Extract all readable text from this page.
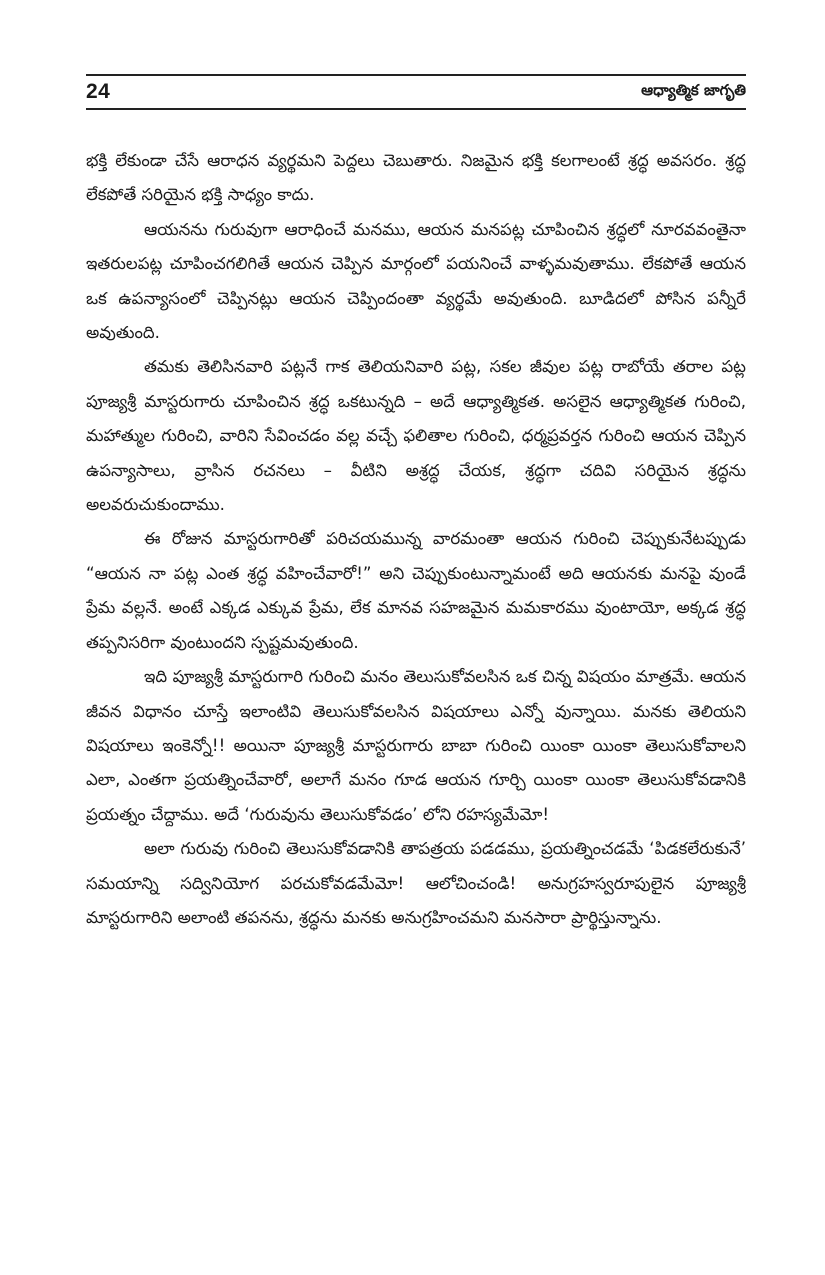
24	ఆధ్యాత్మిక జాగృతి

భక్తి లేకుండా చేసే ఆరాధన వ్యర్థమని పెద్దలు చెబుతారు. నిజమైన భక్తి కలగాలంటే శ్రద్ధ అవసరం. శ్రద్ధ లేకపోతే సరియైన భక్తి సాధ్యం కాదు.

ఆయనను గురువుగా ఆరాధించే మనము, ఆయన మనపట్ల చూపించిన శ్రద్ధలో నూరవవంతైనా ఇతరులపట్ల చూపించగలిగితే ఆయన చెప్పిన మార్గంలో పయనించే వాళ్ళమవుతాము. లేకపోతే ఆయన ఒక ఉపన్యాసంలో చెప్పినట్లు ఆయన చెప్పిందంతా వ్యర్థమే అవుతుంది. బూడిదలో పోసిన పన్నీరే అవుతుంది.

తమకు తెలిసినవారి పట్లనే గాక తెలియనివారి పట్ల, సకల జీవుల పట్ల రాబోయే తరాల పట్ల పూజ్యశ్రీ మాస్టరుగారు చూపించిన శ్రద్ధ ఒకటున్నది – అదే ఆధ్యాత్మికత. అసలైన ఆధ్యాత్మికత గురించి, మహాత్ముల గురించి, వారిని సేవించడం వల్ల వచ్చే ఫలితాల గురించి, ధర్మప్రవర్తన గురించి ఆయన చెప్పిన ఉపన్యాసాలు, వ్రాసిన రచనలు – వీటిని అశ్రద్ధ చేయక, శ్రద్ధగా చదివి సరియైన శ్రద్ధను అలవరుచుకుందాము.

ఈ రోజున మాస్టరుగారితో పరిచయమున్న వారమంతా ఆయన గురించి చెప్పుకునేటప్పుడు “ఆయన నా పట్ల ఎంత శ్రద్ధ వహించేవారో!” అని చెప్పుకుంటున్నామంటే అది ఆయనకు మనపై వుండే ప్రేమ వల్లనే. అంటే ఎక్కడ ఎక్కువ ప్రేమ, లేక మానవ సహజమైన మమకారము వుంటాయో, అక్కడ శ్రద్ధ తప్పనిసరిగా వుంటుందని స్పష్టమవుతుంది.

ఇది పూజ్యశ్రీ మాస్టరుగారి గురించి మనం తెలుసుకోవలసిన ఒక చిన్న విషయం మాత్రమే. ఆయన జీవన విధానం చూస్తే ఇలాంటివి తెలుసుకోవలసిన విషయాలు ఎన్నో వున్నాయి. మనకు తెలియని విషయాలు ఇంకెన్నో!! అయినా పూజ్యశ్రీ మాస్టరుగారు బాబా గురించి యింకా యింకా తెలుసుకోవాలని ఎలా, ఎంతగా ప్రయత్నించేవారో, అలాగే మనం గూడ ఆయన గూర్చి యింకా యింకా తెలుసుకోవడానికి ప్రయత్నం చేద్దాము. అదే ‘గురువును తెలుసుకోవడం’ లోని రహస్యమేమో!

అలా గురువు గురించి తెలుసుకోవడానికి తాపత్రయ పడడము, ప్రయత్నించడమే ‘పిడకలేరుకునే’ సమయాన్ని సద్వినియోగ పరచుకోవడమేమో! ఆలోచించండి! అనుగ్రహస్వరూపులైన పూజ్యశ్రీ మాస్టరుగారిని అలాంటి తపనను, శ్రద్ధను మనకు అనుగ్రహించమని మనసారా ప్రార్థిస్తున్నాను.
